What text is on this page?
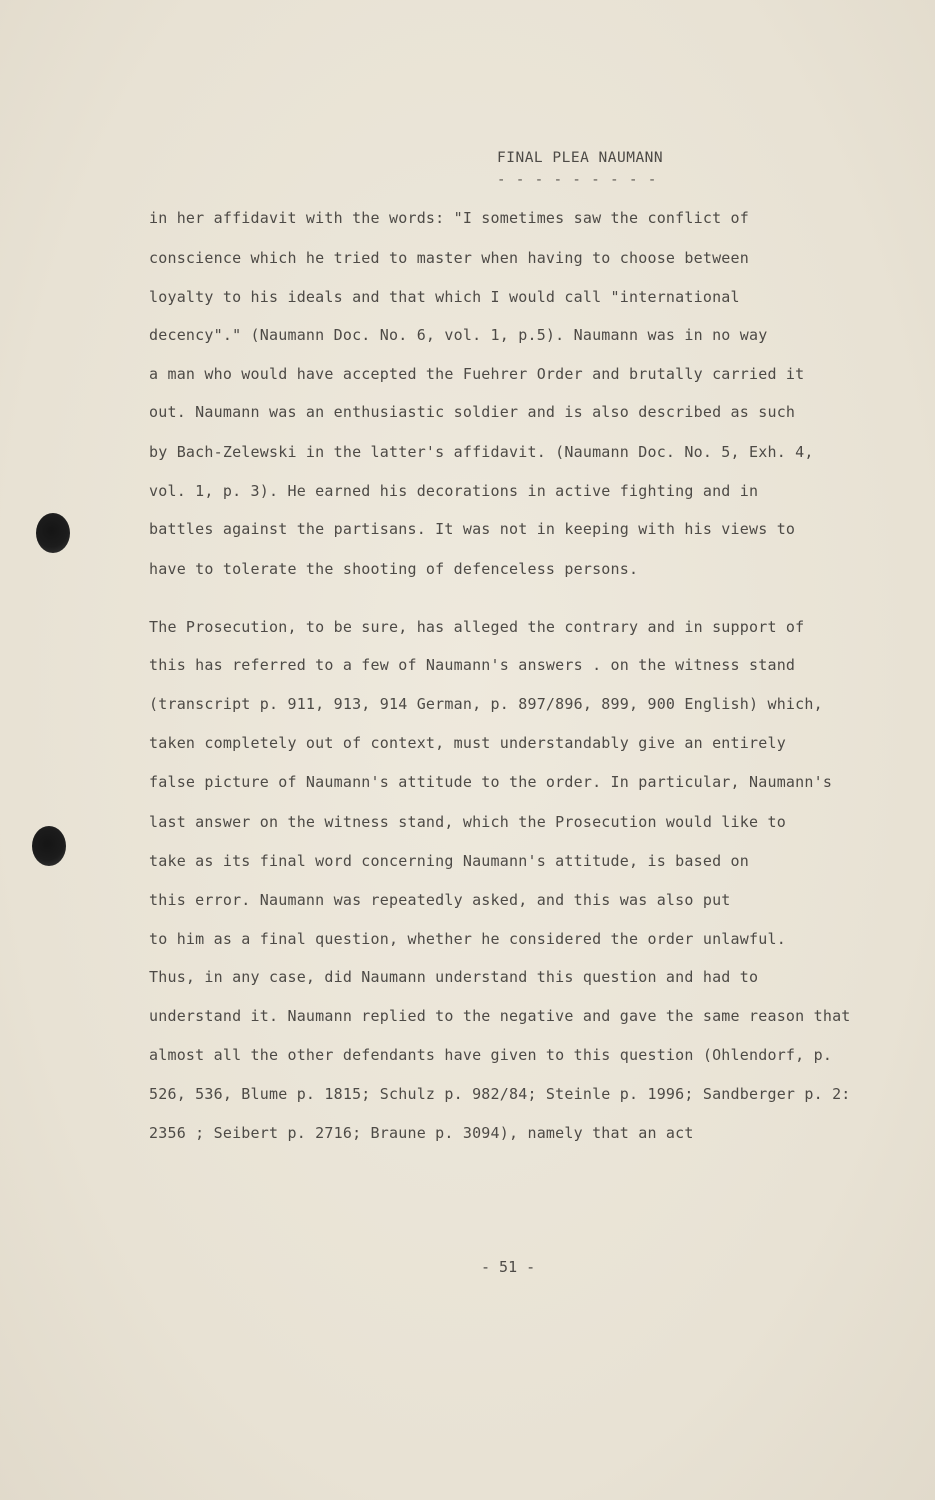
FINAL PLEA NAUMANN
- - - - - - - - -
in her affidavit with the words: "I sometimes saw the conflict of
conscience which he tried to master when having to choose between
loyalty to his ideals and that which I would call "international
decency"." (Naumann Doc. No. 6, vol. 1, p.5). Naumann was in no way
a man who would have accepted the Fuehrer Order and brutally carried it
out. Naumann was an enthusiastic soldier and is also described as such
by Bach-Zelewski in the latter's affidavit. (Naumann Doc. No. 5, Exh. 4,
vol. 1, p. 3). He earned his decorations in active fighting and in
battles against the partisans. It was not in keeping with his views to
have to tolerate the shooting of defenceless persons.
The Prosecution, to be sure, has alleged the contrary and in support of
this has referred to a few of Naumann's answers . on the witness stand
(transcript p. 911, 913, 914 German, p. 897/896, 899, 900 English) which,
taken completely out of context, must understandably give an entirely
false picture of Naumann's attitude to the order. In particular, Naumann's
last answer on the witness stand, which the Prosecution would like to
take as its final word concerning Naumann's attitude, is based on
this error. Naumann was repeatedly asked, and this was also put
to him as a final question, whether he considered the order unlawful.
Thus, in any case, did Naumann understand this question and had to
understand it. Naumann replied to the negative and gave the same reason that
almost all the other defendants have given to this question (Ohlendorf, p.
526, 536, Blume p. 1815; Schulz p. 982/84; Steinle p. 1996; Sandberger p. 2:
2356 ; Seibert p. 2716; Braune p. 3094), namely that an act
- 51 -
